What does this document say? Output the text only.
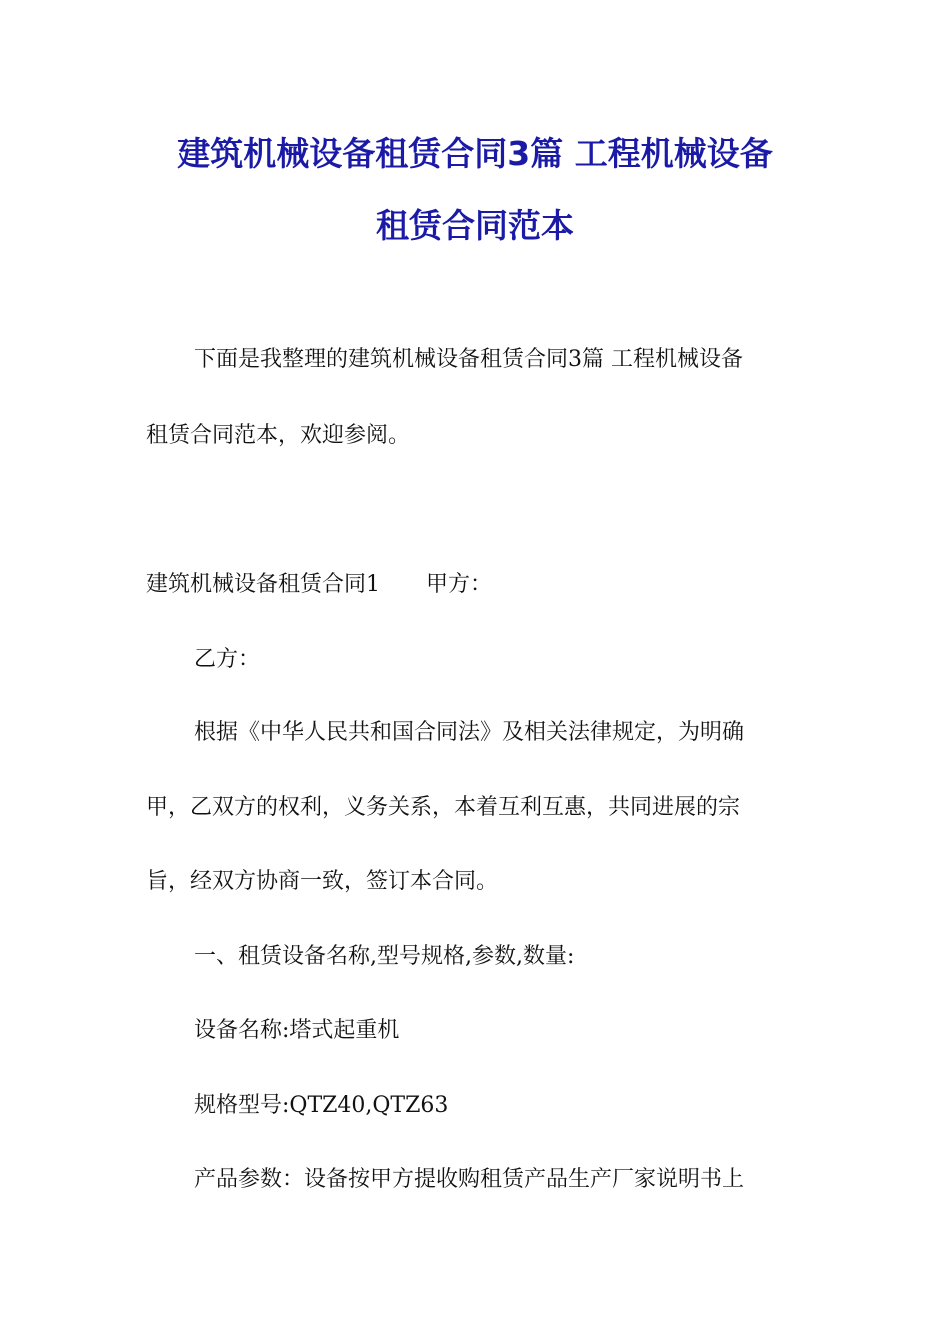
建筑机械设备租赁合同3篇 工程机械设备
租赁合同范本

下面是我整理的建筑机械设备租赁合同3篇 工程机械设备

租赁合同范本，欢迎参阅。

建筑机械设备租赁合同1 甲方：

乙方：

根据《中华人民共和国合同法》及相关法律规定，为明确

甲，乙双方的权利，义务关系，本着互利互惠，共同进展的宗

旨，经双方协商一致，签订本合同。

一、租赁设备名称,型号规格,参数,数量:

设备名称:塔式起重机

规格型号:QTZ40,QTZ63

产品参数：设备按甲方提收购租赁产品生产厂家说明书上
